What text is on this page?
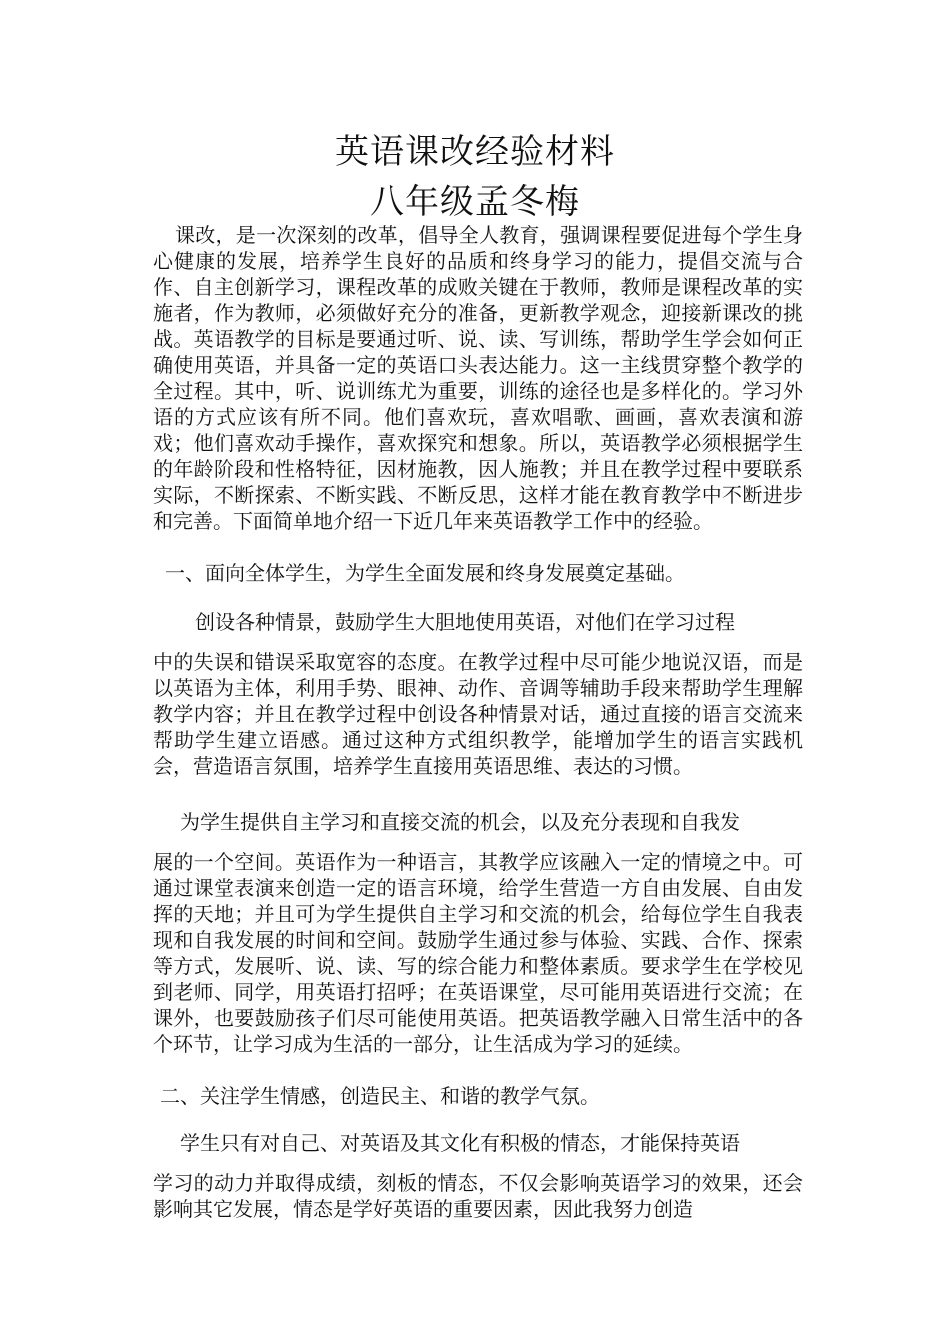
英语课改经验材料
八年级孟冬梅

课改，是一次深刻的改革，倡导全人教育，强调课程要促进每个学生身心健康的发展，培养学生良好的品质和终身学习的能力，提倡交流与合作、自主创新学习，课程改革的成败关键在于教师，教师是课程改革的实施者，作为教师，必须做好充分的准备，更新教学观念，迎接新课改的挑战。英语教学的目标是要通过听、说、读、写训练，帮助学生学会如何正确使用英语，并具备一定的英语口头表达能力。这一主线贯穿整个教学的全过程。其中，听、说训练尤为重要，训练的途径也是多样化的。学习外语的方式应该有所不同。他们喜欢玩，喜欢唱歌、画画，喜欢表演和游戏；他们喜欢动手操作，喜欢探究和想象。所以，英语教学必须根据学生的年龄阶段和性格特征，因材施教，因人施教；并且在教学过程中要联系实际，不断探索、不断实践、不断反思，这样才能在教育教学中不断进步和完善。下面简单地介绍一下近几年来英语教学工作中的经验。

一、面向全体学生，为学生全面发展和终身发展奠定基础。

创设各种情景，鼓励学生大胆地使用英语，对他们在学习过程

中的失误和错误采取宽容的态度。在教学过程中尽可能少地说汉语，而是以英语为主体，利用手势、眼神、动作、音调等辅助手段来帮助学生理解教学内容；并且在教学过程中创设各种情景对话，通过直接的语言交流来帮助学生建立语感。通过这种方式组织教学，能增加学生的语言实践机会，营造语言氛围，培养学生直接用英语思维、表达的习惯。

为学生提供自主学习和直接交流的机会，以及充分表现和自我发

展的一个空间。英语作为一种语言，其教学应该融入一定的情境之中。可通过课堂表演来创造一定的语言环境，给学生营造一方自由发展、自由发挥的天地；并且可为学生提供自主学习和交流的机会，给每位学生自我表现和自我发展的时间和空间。鼓励学生通过参与体验、实践、合作、探索等方式，发展听、说、读、写的综合能力和整体素质。要求学生在学校见到老师、同学，用英语打招呼；在英语课堂，尽可能用英语进行交流；在课外，也要鼓励孩子们尽可能使用英语。把英语教学融入日常生活中的各个环节，让学习成为生活的一部分，让生活成为学习的延续。

二、关注学生情感，创造民主、和谐的教学气氛。

学生只有对自己、对英语及其文化有积极的情态，才能保持英语

学习的动力并取得成绩，刻板的情态，不仅会影响英语学习的效果，还会影响其它发展，情态是学好英语的重要因素，因此我努力创造
